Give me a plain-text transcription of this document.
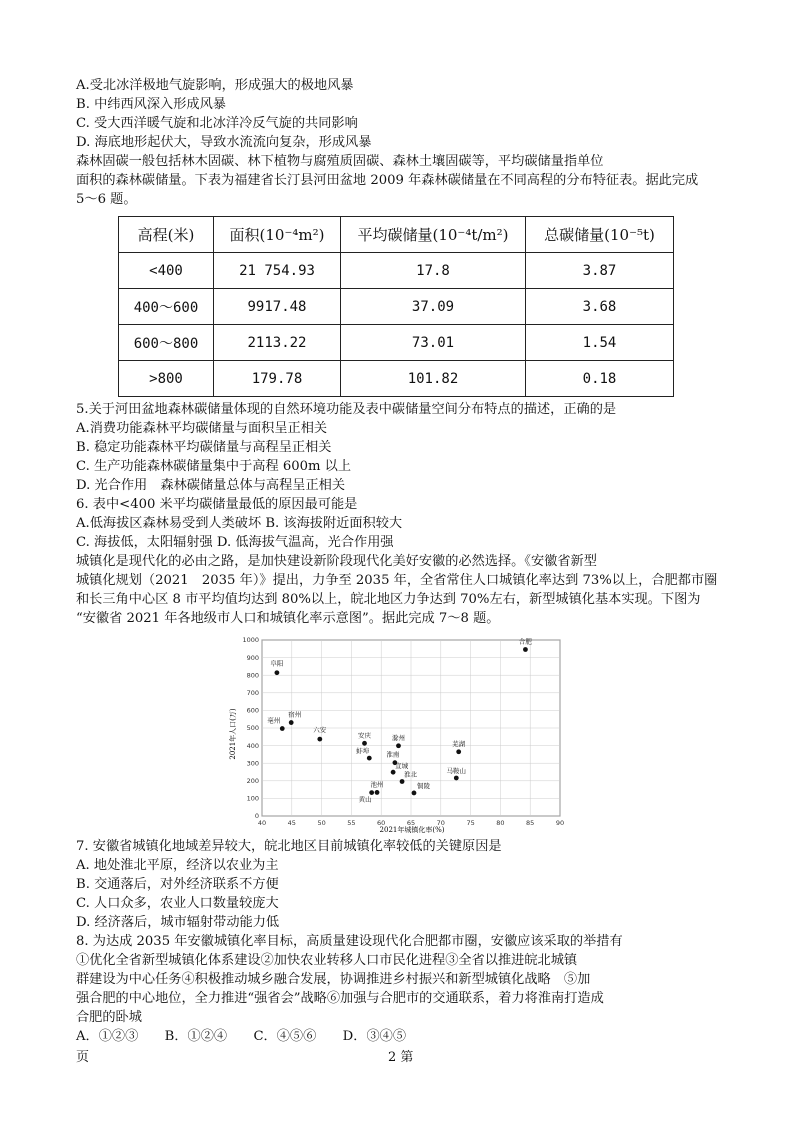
A.受北冰洋极地气旋影响，形成强大的极地风暴
B. 中纬西风深入形成风暴
C. 受大西洋暖气旋和北冰洋冷反气旋的共同影响
D. 海底地形起伏大，导致水流流向复杂，形成风暴
森林固碳一般包括林木固碳、林下植物与腐殖质固碳、森林土壤固碳等，平均碳储量指单位
面积的森林碳储量。下表为福建省长汀县河田盆地 2009 年森林碳储量在不同高程的分布特征表。据此完成
5～6 题。
高程(米)	面积(10⁻⁴m²)	平均碳储量(10⁻⁴t/m²)	总碳储量(10⁻⁵t)
<400	21 754.93	17.8	3.87
400～600	9917.48	37.09	3.68
600～800	2113.22	73.01	1.54
>800	179.78	101.82	0.18
5.关于河田盆地森林碳储量体现的自然环境功能及表中碳储量空间分布特点的描述，正确的是
A.消费功能森林平均碳储量与面积呈正相关
B. 稳定功能森林平均碳储量与高程呈正相关
C. 生产功能森林碳储量集中于高程 600m 以上
D. 光合作用　森林碳储量总体与高程呈正相关
6. 表中<400 米平均碳储量最低的原因最可能是
A.低海拔区森林易受到人类破坏 B. 该海拔附近面积较大
C. 海拔低，太阳辐射强 D. 低海拔气温高，光合作用强
城镇化是现代化的必由之路，是加快建设新阶段现代化美好安徽的必然选择。《安徽省新型
城镇化规划（2021　2035 年）》提出，力争至 2035 年，全省常住人口城镇化率达到 73%以上，合肥都市圈
和长三角中心区 8 市平均值均达到 80%以上，皖北地区力争达到 70%左右，新型城镇化基本实现。下图为
“安徽省 2021 年各地级市人口和城镇化率示意图”。据此完成 7～8 题。
0
100
200
300
400
500
600
700
800
900
1000
40	45	50	55	60	65	70	75	80	85	90
合肥
阜阳
宿州
亳州
六安
安庆
蚌埠
滁州
淮南
宣城
淮北
铜陵
池州
黄山
芜湖
马鞍山
2021年城镇化率(%)
2021年人口(万)
7. 安徽省城镇化地域差异较大，皖北地区目前城镇化率较低的关键原因是
A. 地处淮北平原，经济以农业为主
B. 交通落后，对外经济联系不方便
C. 人口众多，农业人口数量较庞大
D. 经济落后，城市辐射带动能力低
8. 为达成 2035 年安徽城镇化率目标，高质量建设现代化合肥都市圈，安徽应该采取的举措有
①优化全省新型城镇化体系建设②加快农业转移人口市民化进程③全省以推进皖北城镇
群建设为中心任务④积极推动城乡融合发展，协调推进乡村振兴和新型城镇化战略　⑤加
强合肥的中心地位，全力推进“强省会”战略⑥加强与合肥市的交通联系，着力将淮南打造成
合肥的卧城
A．①②③　　B．①②④　　C．④⑤⑥　　D．③④⑤
页	2 第
